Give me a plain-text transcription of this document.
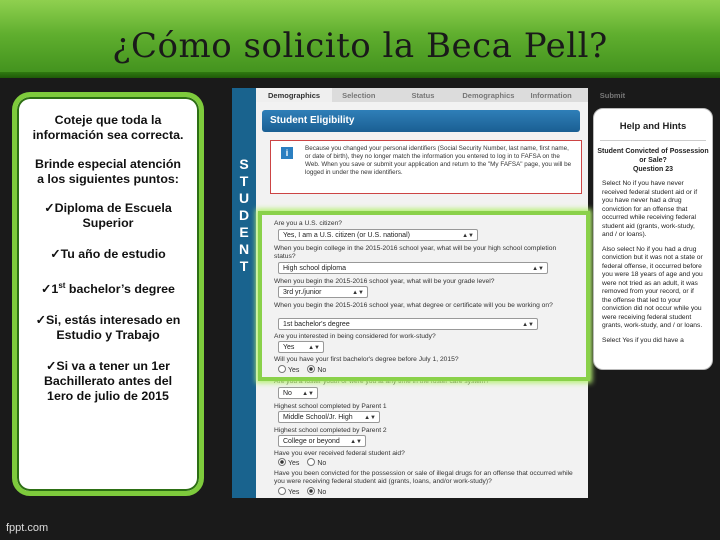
¿Cómo solicito la Beca Pell?

Coteje que toda la información sea correcta.

Brinde especial atención a los siguientes puntos:

✓Diploma de Escuela Superior

✓Tu año de estudio

✓1st bachelor’s degree

✓Si, estás interesado en Estudio y Trabajo

✓Si va a tener un 1er Bachillerato antes del 1ero de julio de 2015

S
T
U
D
E
N
T
Demographics	Selection	Status	Demographics Information	Submit
Student Eligibility
i	Because you changed your personal identifiers (Social Security Number, last name, first name, or date of birth), they no longer match the information you entered to log in to FAFSA on the Web. When you save or submit your application and return to the "My FAFSA" page, you will be logged in under the new identifiers.
Are you a U.S. citizen?
Yes, I am a U.S. citizen (or U.S. national)	▲▼
When you begin college in the 2015-2016 school year, what will be your high school completion status?
High school diploma	▲▼
When you begin the 2015-2016 school year, what will be your grade level?
3rd yr./junior	▲▼
When you begin the 2015-2016 school year, what degree or certificate will you be working on?
1st bachelor's degree	▲▼
Are you interested in being considered for work-study?
Yes ▲▼
Will you have your first bachelor's degree before July 1, 2015?
Yes	No
Are you a foster youth or were you at any time in the foster care system?
No ▲▼
Highest school completed by Parent 1
Middle School/Jr. High ▲▼
Highest school completed by Parent 2
College or beyond ▲▼
Have you ever received federal student aid?
Yes	No
Have you been convicted for the possession or sale of illegal drugs for an offense that occurred while you were receiving federal student aid (grants, loans, and/or work-study)?
Yes	No
Help and Hints
Student Convicted of Possession or Sale?
Question 23

Select No if you have never received federal student aid or if you have never had a drug conviction for an offense that occurred while receiving federal student aid (grants, work-study, and / or loans).

Also select No if you had a drug conviction but it was not a state or federal offense, it occurred before you were 18 years of age and you were not tried as an adult, it was removed from your record, or if the offense that led to your conviction did not occur while you were receiving federal student grants, work-study, and / or loans.

Select Yes if you did have a

fppt.com
